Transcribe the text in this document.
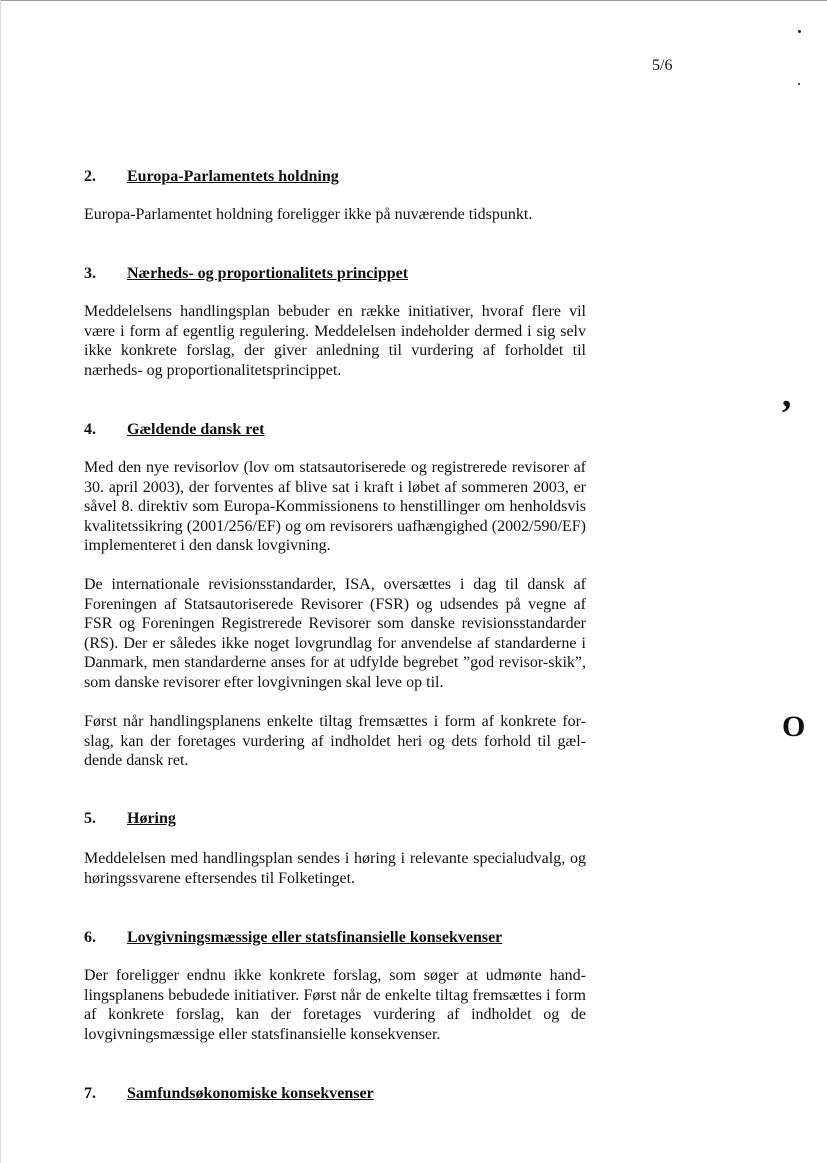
5/6
2. Europa-Parlamentets holdning

Europa-Parlamentet holdning foreligger ikke på nuværende tidspunkt.

3. Nærheds- og proportionalitets princippet

Meddelelsens handlingsplan bebuder en række initiativer, hvoraf flere vil være i form af egentlig regulering. Meddelelsen indeholder dermed i sig selv ikke konkrete forslag, der giver anledning til vurdering af forholdet til nærheds- og proportionalitetsprincippet.

4. Gældende dansk ret

Med den nye revisorlov (lov om statsautoriserede og registrerede revisorer af 30. april 2003), der forventes af blive sat i kraft i løbet af sommeren 2003, er såvel 8. direktiv som Europa-Kommissionens to henstillinger om henholdsvis kvalitetssikring (2001/256/EF) og om revisorers uafhængighed (2002/590/EF) implementeret i den dansk lovgivning.

De internationale revisionsstandarder, ISA, oversættes i dag til dansk af Foreningen af Statsautoriserede Revisorer (FSR) og udsendes på vegne af FSR og Foreningen Registrerede Revisorer som danske revisionsstandarder (RS). Der er således ikke noget lovgrundlag for anvendelse af standarderne i Danmark, men standarderne anses for at udfylde begrebet ”god revisor-skik”, som danske revisorer efter lovgivningen skal leve op til.

Først når handlingsplanens enkelte tiltag fremsættes i form af konkrete for-slag, kan der foretages vurdering af indholdet heri og dets forhold til gæl-dende dansk ret.

5. Høring

Meddelelsen med handlingsplan sendes i høring i relevante specialudvalg, og høringssvarene eftersendes til Folketinget.

6. Lovgivningsmæssige eller statsfinansielle konsekvenser

Der foreligger endnu ikke konkrete forslag, som søger at udmønte hand-lingsplanens bebudede initiativer. Først når de enkelte tiltag fremsættes i form af konkrete forslag, kan der foretages vurdering af indholdet og de lovgivningsmæssige eller statsfinansielle konsekvenser.

7. Samfundsøkonomiske konsekvenser
’
O
